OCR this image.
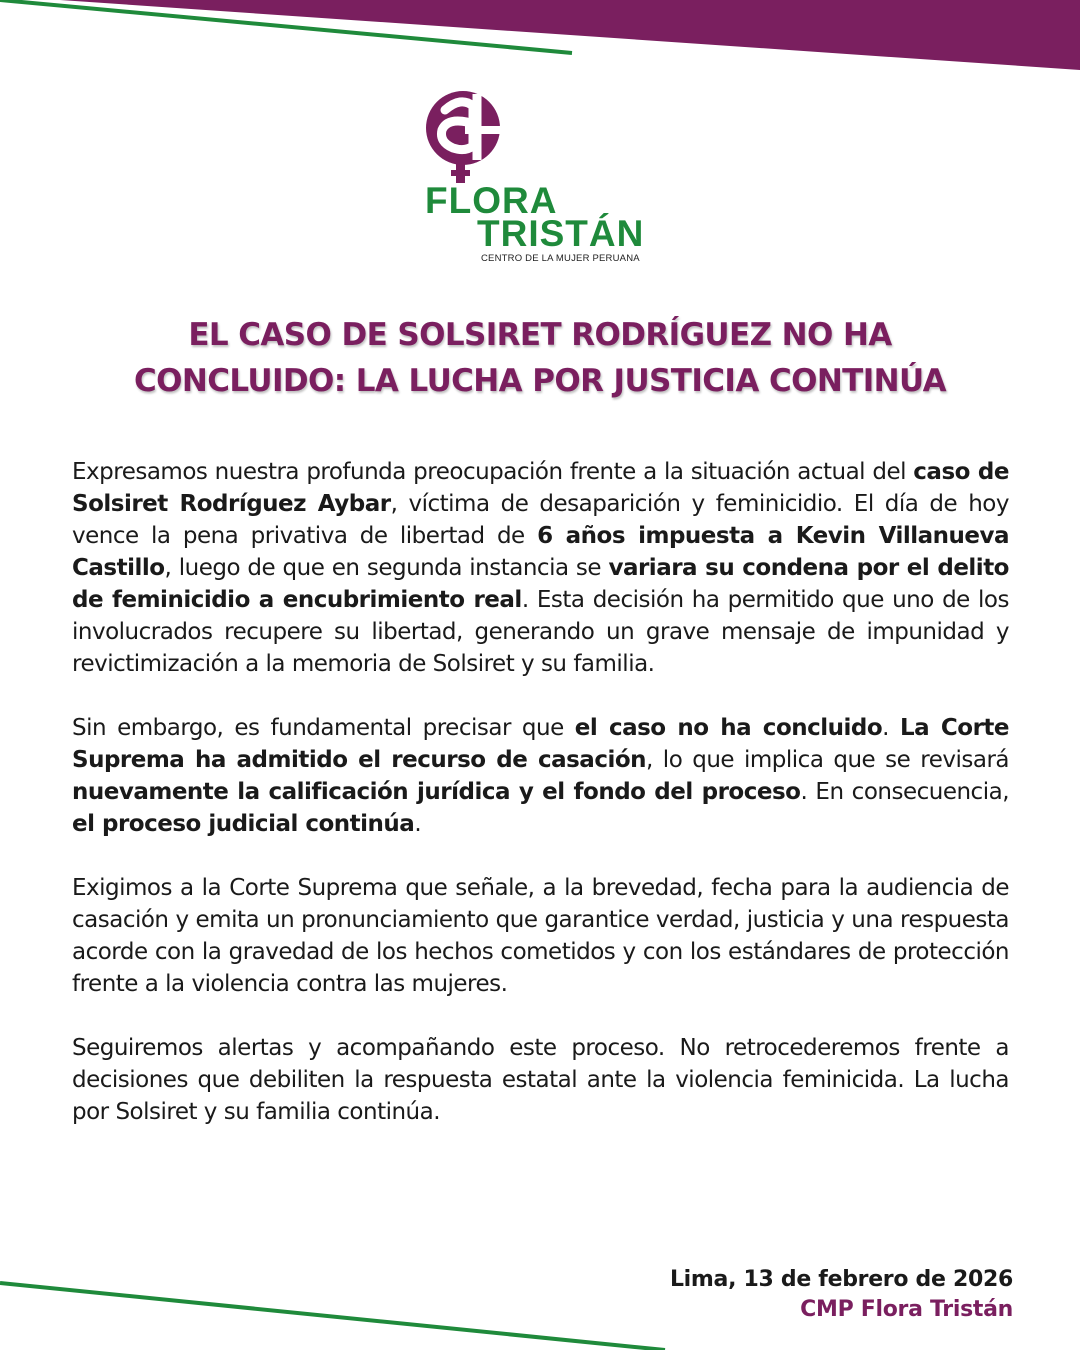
FLORA
TRISTÁN
CENTRO DE LA MUJER PERUANA
EL CASO DE SOLSIRET RODRÍGUEZ NO HA
CONCLUIDO: LA LUCHA POR JUSTICIA CONTINÚA

Expresamos nuestra profunda preocupación frente a la situación actual del caso de Solsiret Rodríguez Aybar, víctima de desaparición y feminicidio. El día de hoy vence la pena privativa de libertad de 6 años impuesta a Kevin Villanueva Castillo, luego de que en segunda instancia se variara su condena por el delito de feminicidio a encubrimiento real. Esta decisión ha permitido que uno de los involucrados recupere su libertad, generando un grave mensaje de impunidad y revictimización a la memoria de Solsiret y su familia.

Sin embargo, es fundamental precisar que el caso no ha concluido. La Corte Suprema ha admitido el recurso de casación, lo que implica que se revisará nuevamente la calificación jurídica y el fondo del proceso. En consecuencia, el proceso judicial continúa.

Exigimos a la Corte Suprema que señale, a la brevedad, fecha para la audiencia de casación y emita un pronunciamiento que garantice verdad, justicia y una respuesta acorde con la gravedad de los hechos cometidos y con los estándares de protección frente a la violencia contra las mujeres.

Seguiremos alertas y acompañando este proceso. No retrocederemos frente a decisiones que debiliten la respuesta estatal ante la violencia feminicida. La lucha por Solsiret y su familia continúa.

Lima, 13 de febrero de 2026
CMP Flora Tristán
